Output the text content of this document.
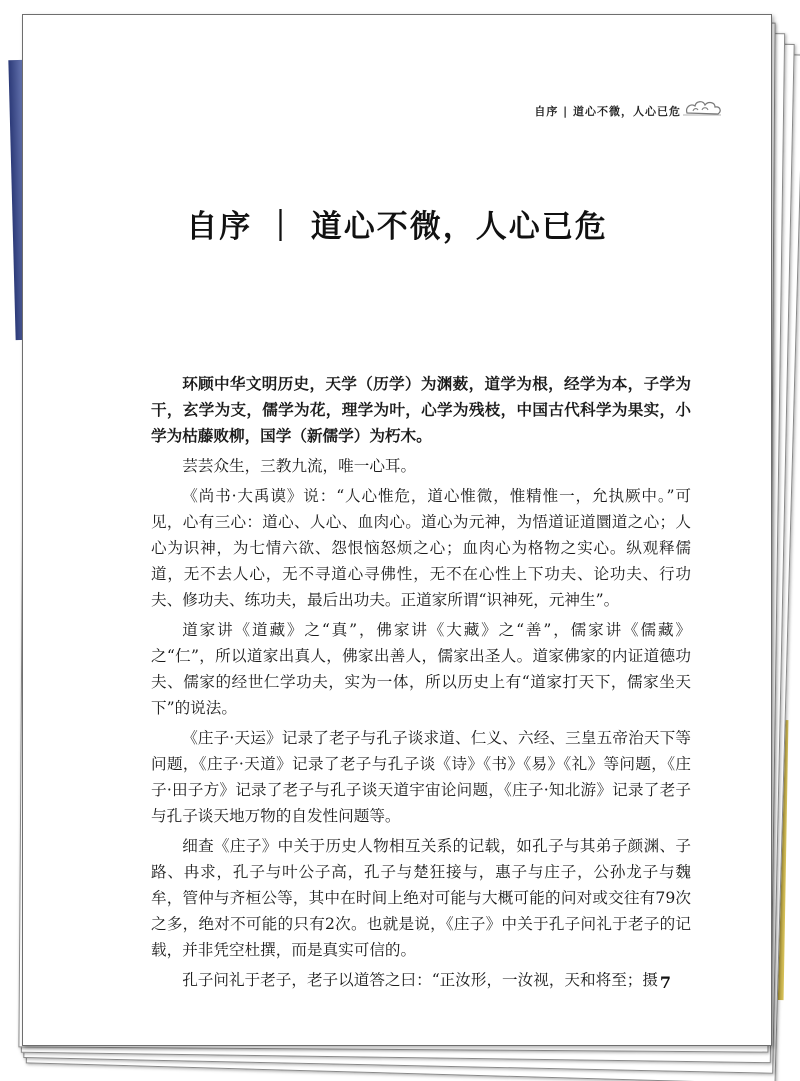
自序 | 道心不微，人心已危
自序 ｜ 道心不微，人心已危

环顾中华文明历史，天学（历学）为渊薮，道学为根，经学为本，子学为干，玄学为支，儒学为花，理学为叶，心学为残枝，中国古代科学为果实，小学为枯藤败柳，国学（新儒学）为朽木。

芸芸众生，三教九流，唯一心耳。

《尚书·大禹谟》说：“人心惟危，道心惟微，惟精惟一，允执厥中。”可见，心有三心：道心、人心、血肉心。道心为元神，为悟道证道圜道之心；人心为识神，为七情六欲、怨恨恼怒烦之心；血肉心为格物之实心。纵观释儒道，无不去人心，无不寻道心寻佛性，无不在心性上下功夫、论功夫、行功夫、修功夫、练功夫，最后出功夫。正道家所谓“识神死，元神生”。

道家讲《道藏》之“真”，佛家讲《大藏》之“善”，儒家讲《儒藏》之“仁”，所以道家出真人，佛家出善人，儒家出圣人。道家佛家的内证道德功夫、儒家的经世仁学功夫，实为一体，所以历史上有“道家打天下，儒家坐天下”的说法。

《庄子·天运》记录了老子与孔子谈求道、仁义、六经、三皇五帝治天下等问题，《庄子·天道》记录了老子与孔子谈《诗》《书》《易》《礼》等问题，《庄子·田子方》记录了老子与孔子谈天道宇宙论问题，《庄子·知北游》记录了老子与孔子谈天地万物的自发性问题等。

细查《庄子》中关于历史人物相互关系的记载，如孔子与其弟子颜渊、子路、冉求，孔子与叶公子高，孔子与楚狂接与，惠子与庄子，公孙龙子与魏牟，管仲与齐桓公等，其中在时间上绝对可能与大概可能的问对或交往有79次之多，绝对不可能的只有2次。也就是说，《庄子》中关于孔子问礼于老子的记载，并非凭空杜撰，而是真实可信的。

孔子问礼于老子，老子以道答之曰：“正汝形，一汝视，天和将至；摄 7
